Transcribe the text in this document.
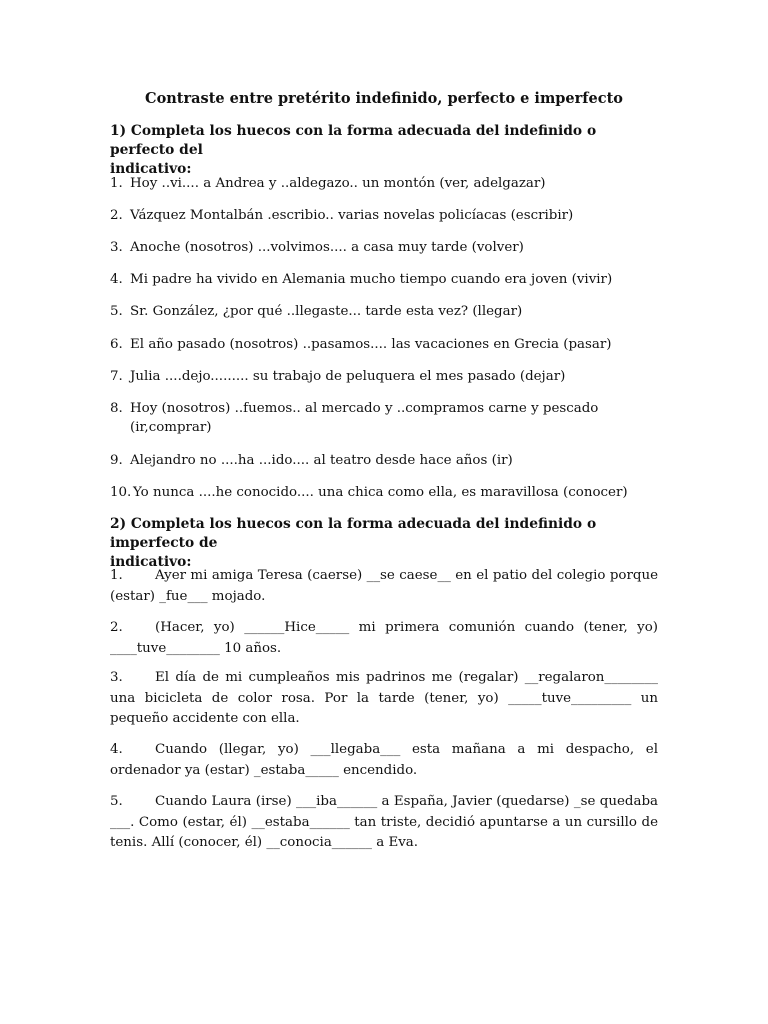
Contraste entre pretérito indefinido, perfecto e imperfecto
1) Completa los huecos con la forma adecuada del indefinido o perfecto del
indicativo:
1. Hoy ..vi.... a Andrea y ..aldegazo.. un montón (ver, adelgazar)
2. Vázquez Montalbán .escribio.. varias novelas policíacas (escribir)
3. Anoche (nosotros) ...volvimos.... a casa muy tarde (volver)
4. Mi padre ha vivido en Alemania mucho tiempo cuando era joven (vivir)
5. Sr. González, ¿por qué ..llegaste... tarde esta vez? (llegar)
6. El año pasado (nosotros) ..pasamos.... las vacaciones en Grecia (pasar)
7. Julia ....dejo......... su trabajo de peluquera el mes pasado (dejar)
8. Hoy (nosotros) ..fuemos.. al mercado y ..compramos carne y pescado
(ir,comprar)
9. Alejandro no ....ha ...ido.... al teatro desde hace años (ir)
10. Yo nunca ....he conocido.... una chica como ella, es maravillosa (conocer)
2) Completa los huecos con la forma adecuada del indefinido o imperfecto de
indicativo:
1. Ayer mi amiga Teresa (caerse) __se caese__ en el patio del colegio porque (estar) _fue___ mojado.
2. (Hacer, yo) ______Hice_____ mi primera comunión cuando (tener, yo) ____tuve________ 10 años.
3. El día de mi cumpleaños mis padrinos me (regalar) __regalaron________ una bicicleta de color rosa. Por la tarde (tener, yo) _____tuve_________ un pequeño accidente con ella.
4. Cuando (llegar, yo) ___llegaba___ esta mañana a mi despacho, el ordenador ya (estar) _estaba_____ encendido.
5. Cuando Laura (irse) ___iba______ a España, Javier (quedarse) _se quedaba ___. Como (estar, él) __estaba______ tan triste, decidió apuntarse a un cursillo de tenis. Allí (conocer, él) __conocia______ a Eva.
